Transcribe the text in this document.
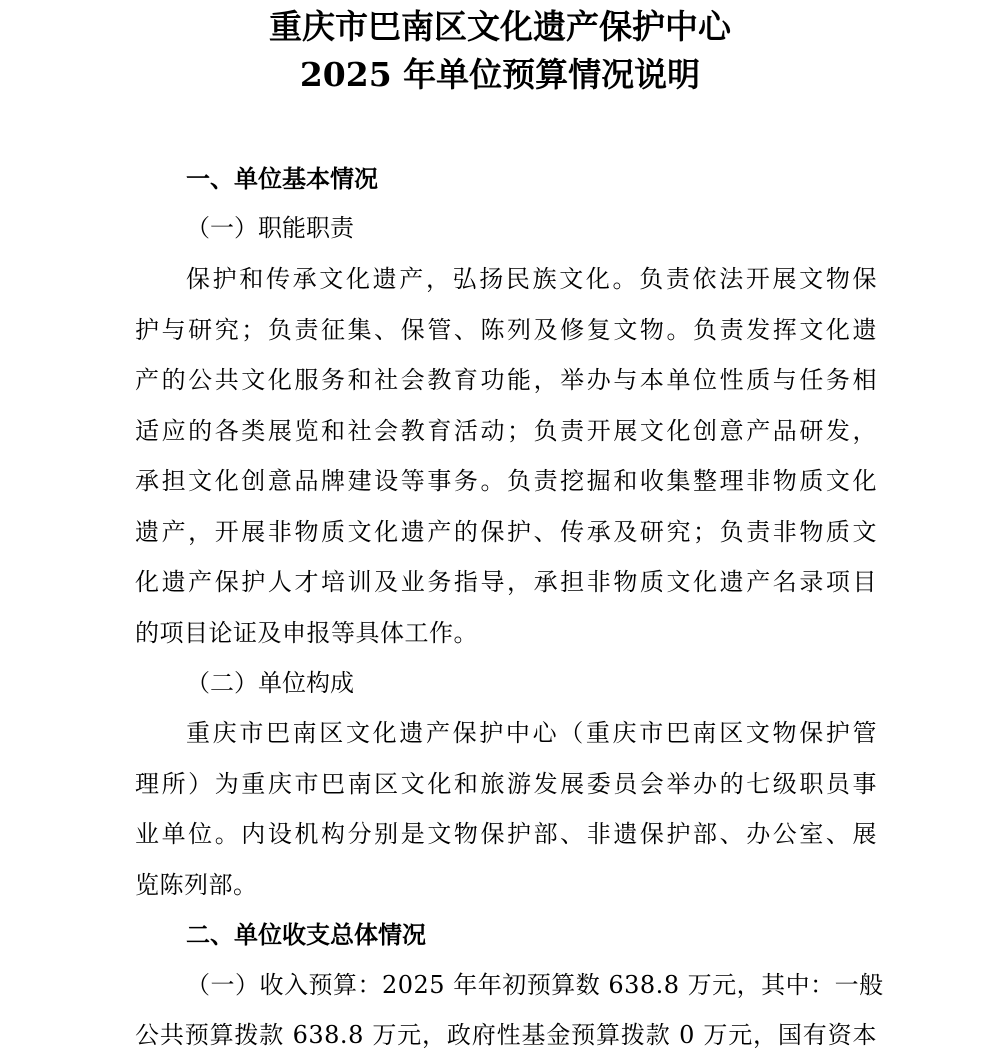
重庆市巴南区文化遗产保护中心
2025 年单位预算情况说明
一、单位基本情况
（一）职能职责
保护和传承文化遗产，弘扬民族文化。负责依法开展文物保
护与研究；负责征集、保管、陈列及修复文物。负责发挥文化遗
产的公共文化服务和社会教育功能，举办与本单位性质与任务相
适应的各类展览和社会教育活动；负责开展文化创意产品研发，
承担文化创意品牌建设等事务。负责挖掘和收集整理非物质文化
遗产，开展非物质文化遗产的保护、传承及研究；负责非物质文
化遗产保护人才培训及业务指导，承担非物质文化遗产名录项目
的项目论证及申报等具体工作。
（二）单位构成
重庆市巴南区文化遗产保护中心（重庆市巴南区文物保护管
理所）为重庆市巴南区文化和旅游发展委员会举办的七级职员事
业单位。内设机构分别是文物保护部、非遗保护部、办公室、展
览陈列部。
二、单位收支总体情况
（一）收入预算：2025 年年初预算数 638.8 万元，其中：一般
公共预算拨款 638.8 万元，政府性基金预算拨款 0 万元，国有资本
